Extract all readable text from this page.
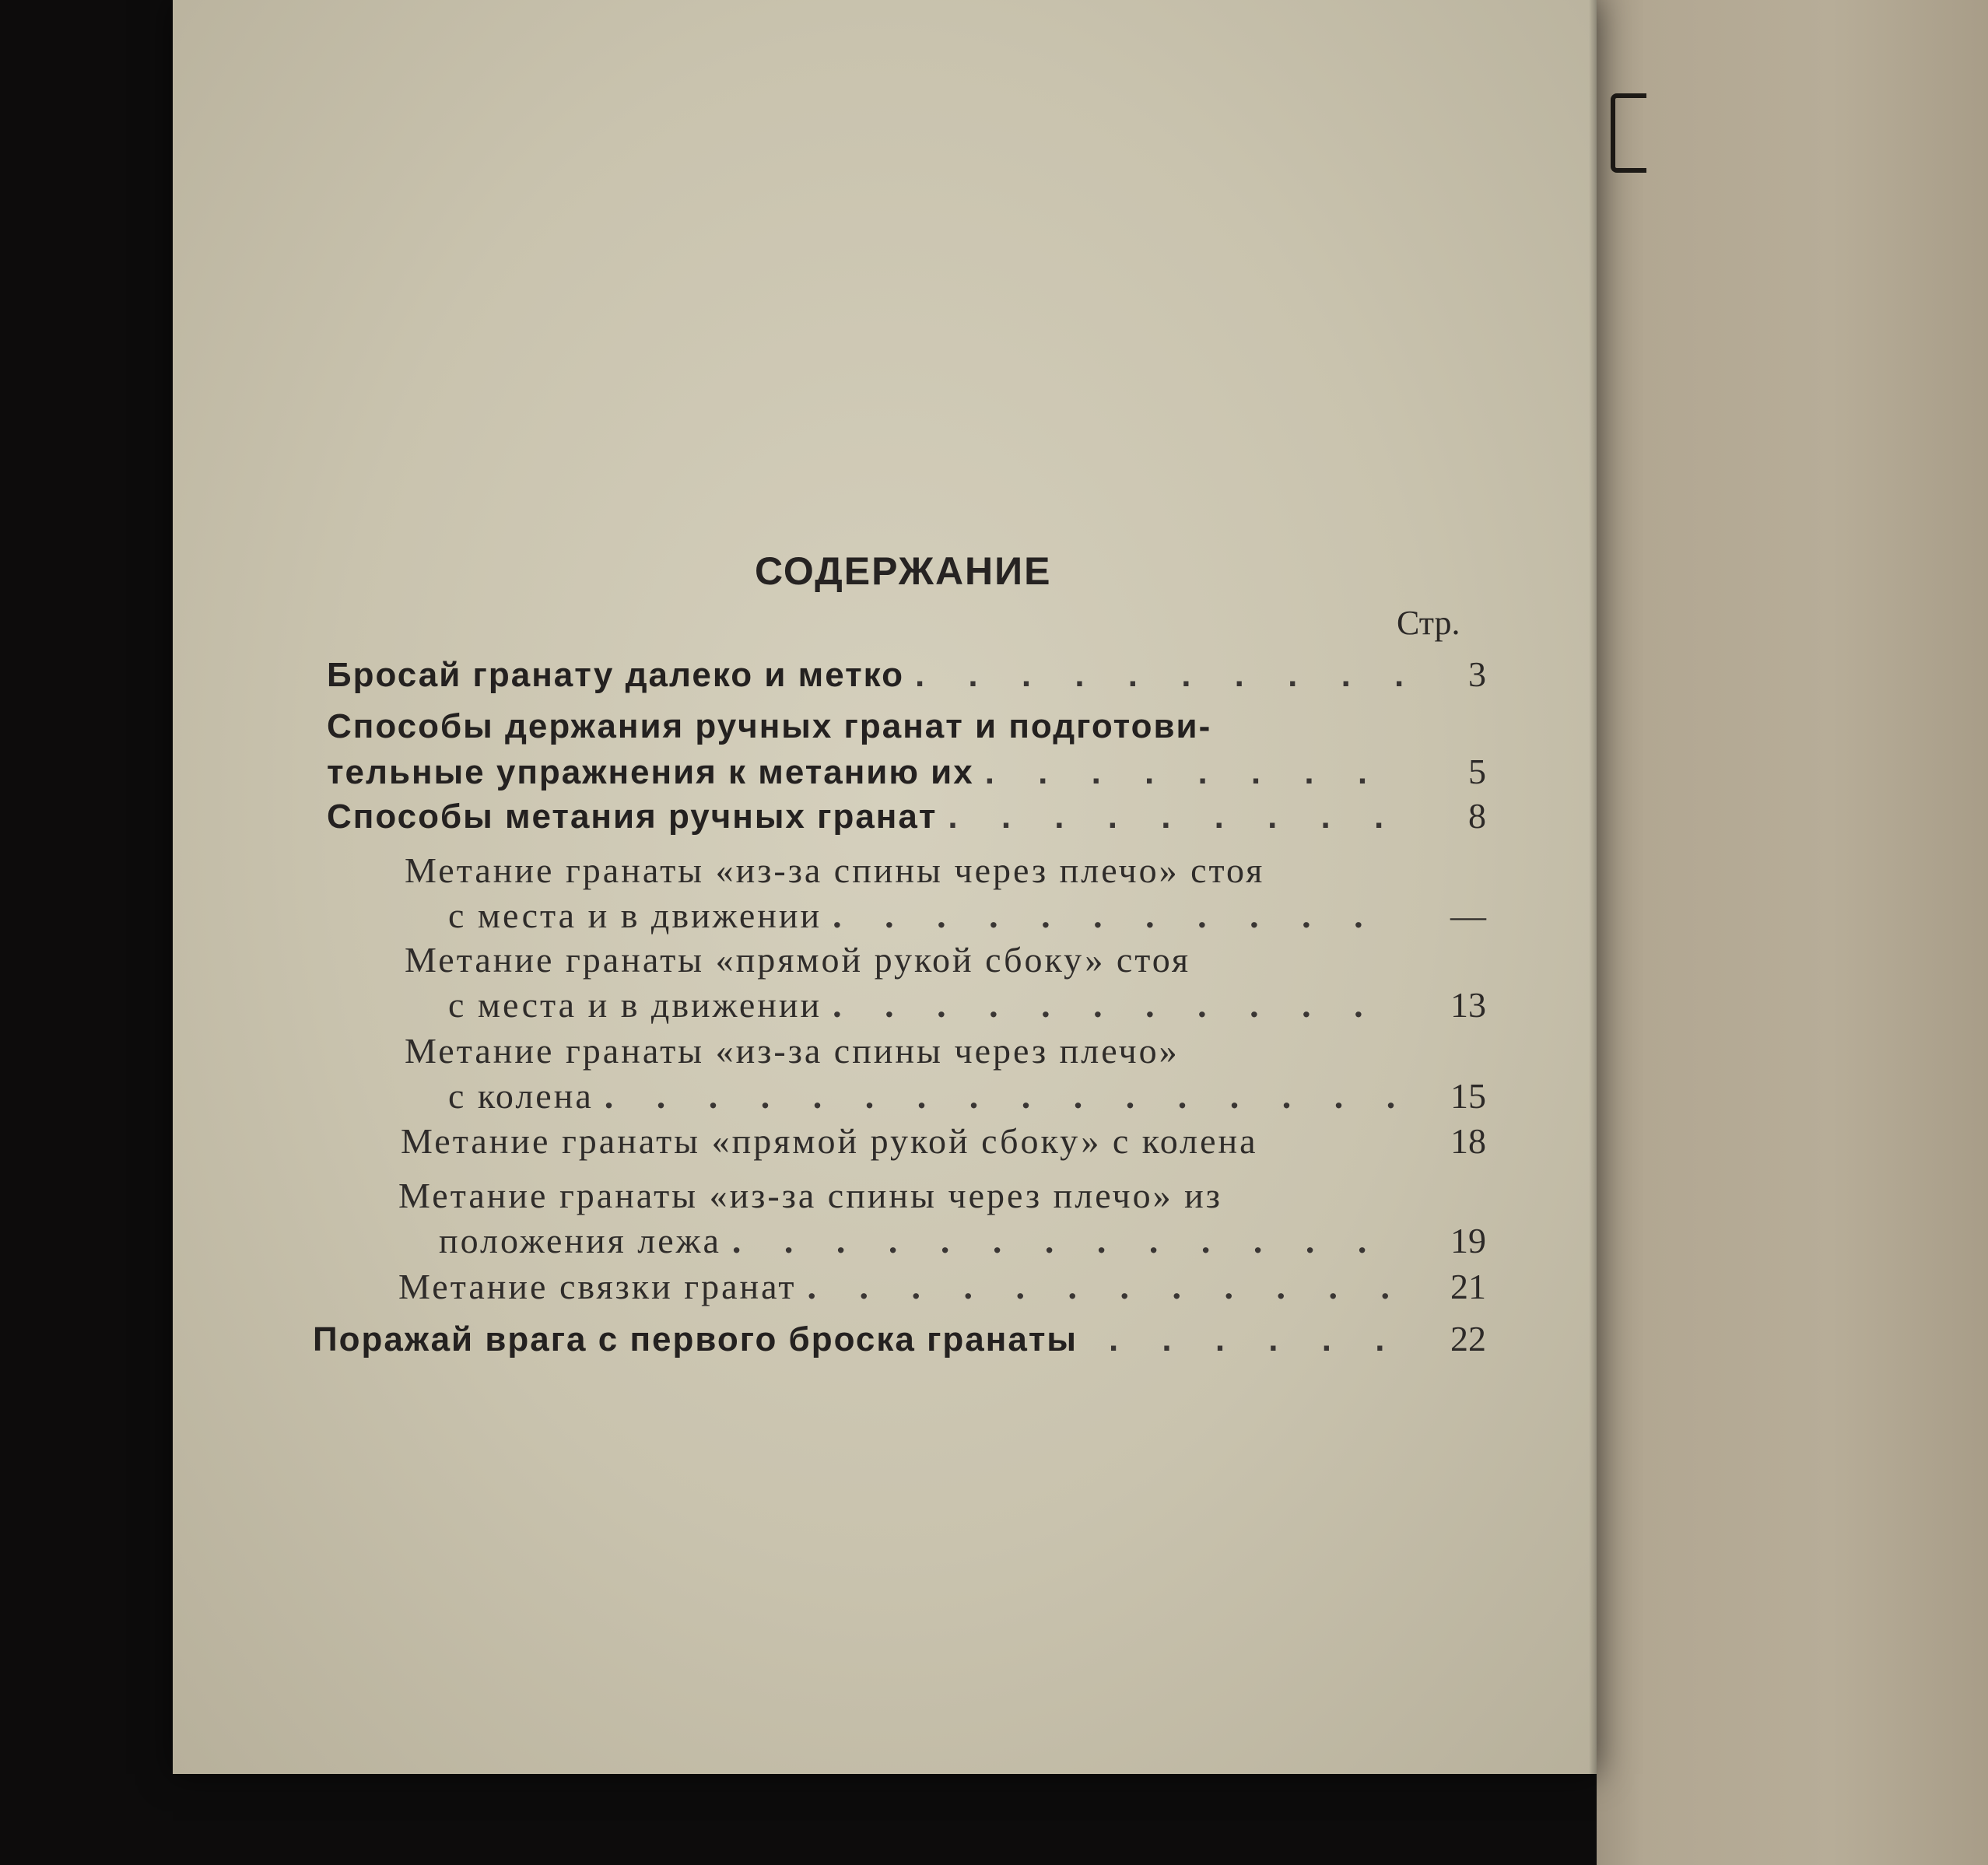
СОДЕРЖАНИЕ
Стр.
Бросай гранату далеко и метко . . .	3
Способы держания ручных гранат и подготови-
тельные упражнения к метанию их . . .	5
Способы метания ручных гранат . . .	8
Метание гранаты «из-за спины через плечо» стоя
с места и в движении . . .	—
Метание гранаты «прямой рукой сбоку» стоя
с места и в движении . . .	13
Метание гранаты «из-за спины через плечо»
с колена . . .	15
Метание гранаты «прямой рукой сбоку» с колена	18
Метание гранаты «из-за спины через плечо» из
положения лежа . . .	19
Метание связки гранат . . .	21
Поражай врага с первого броска гранаты . . .	22
